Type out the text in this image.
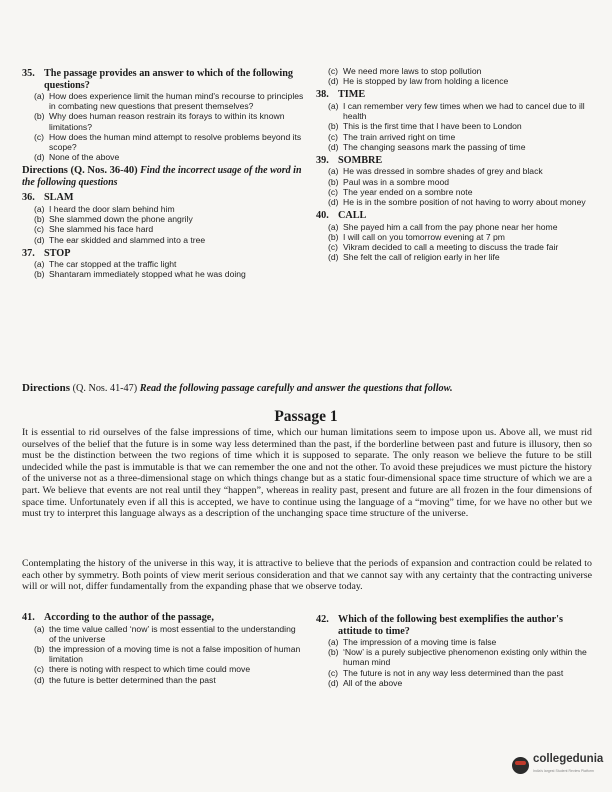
35. The passage provides an answer to which of the following questions?
(a) How does experience limit the human mind's recourse to principles in combating new questions that present themselves?
(b) Why does human reason restrain its forays to within its known limitations?
(c) How does the human mind attempt to resolve problems beyond its scope?
(d) None of the above
Directions (Q. Nos. 36-40) Find the incorrect usage of the word in the following questions
36. SLAM
(a) I heard the door slam behind him
(b) She slammed down the phone angrily
(c) She slammed his face hard
(d) The ear skidded and slammed into a tree
37. STOP
(a) The car stopped at the traffic light
(b) Shantaram immediately stopped what he was doing
(c) We need more laws to stop pollution
(d) He is stopped by law from holding a licence
38. TIME
(a) I can remember very few times when we had to cancel due to ill health
(b) This is the first time that I have been to London
(c) The train arrived right on time
(d) The changing seasons mark the passing of time
39. SOMBRE
(a) He was dressed in sombre shades of grey and black
(b) Paul was in a sombre mood
(c) The year ended on a sombre note
(d) He is in the sombre position of not having to worry about money
40. CALL
(a) She payed him a call from the pay phone near her home
(b) I will call on you tomorrow evening at 7 pm
(c) Vikram decided to call a meeting to discuss the trade fair
(d) She felt the call of religion early in her life
Directions (Q. Nos. 41-47) Read the following passage carefully and answer the questions that follow.
Passage 1
It is essential to rid ourselves of the false impressions of time, which our human limitations seem to impose upon us. Above all, we must rid ourselves of the belief that the future is in some way less determined than the past, if the borderline between past and future is illusory, then so must be the distinction between the two regions of time which it is supposed to separate. The only reason we believe the future to be still undecided while the past is immutable is that we can remember the one and not the other. To avoid these prejudices we must picture the history of the universe not as a three-dimensional stage on which things change but as a static four-dimensional space time structure of which we are a part. We believe that events are not real until they “happen”, whereas in reality past, present and future are all frozen in the four dimensions of space time. Unfortunately even if all this is accepted, we have to continue using the language of a “moving” time, for we have no other but we must try to interpret this language always as a description of the unchanging space time structure of the universe.
Contemplating the history of the universe in this way, it is attractive to believe that the periods of expansion and contraction could be related to each other by symmetry. Both points of view merit serious consideration and that we cannot say with any certainty that the contracting universe will or will not, differ fundamentally from the expanding phase that we observe today.
41. According to the author of the passage,
(a) the time value called ‘now’ is most essential to the understanding of the universe
(b) the impression of a moving time is not a false imposition of human limitation
(c) there is noting with respect to which time could move
(d) the future is better determined than the past
42. Which of the following best exemplifies the author's attitude to time?
(a) The impression of a moving time is false
(b) ‘Now’ is a purely subjective phenomenon existing only within the human mind
(c) The future is not in any way less determined than the past
(d) All of the above
collegedunia
India's largest Student Review Platform
